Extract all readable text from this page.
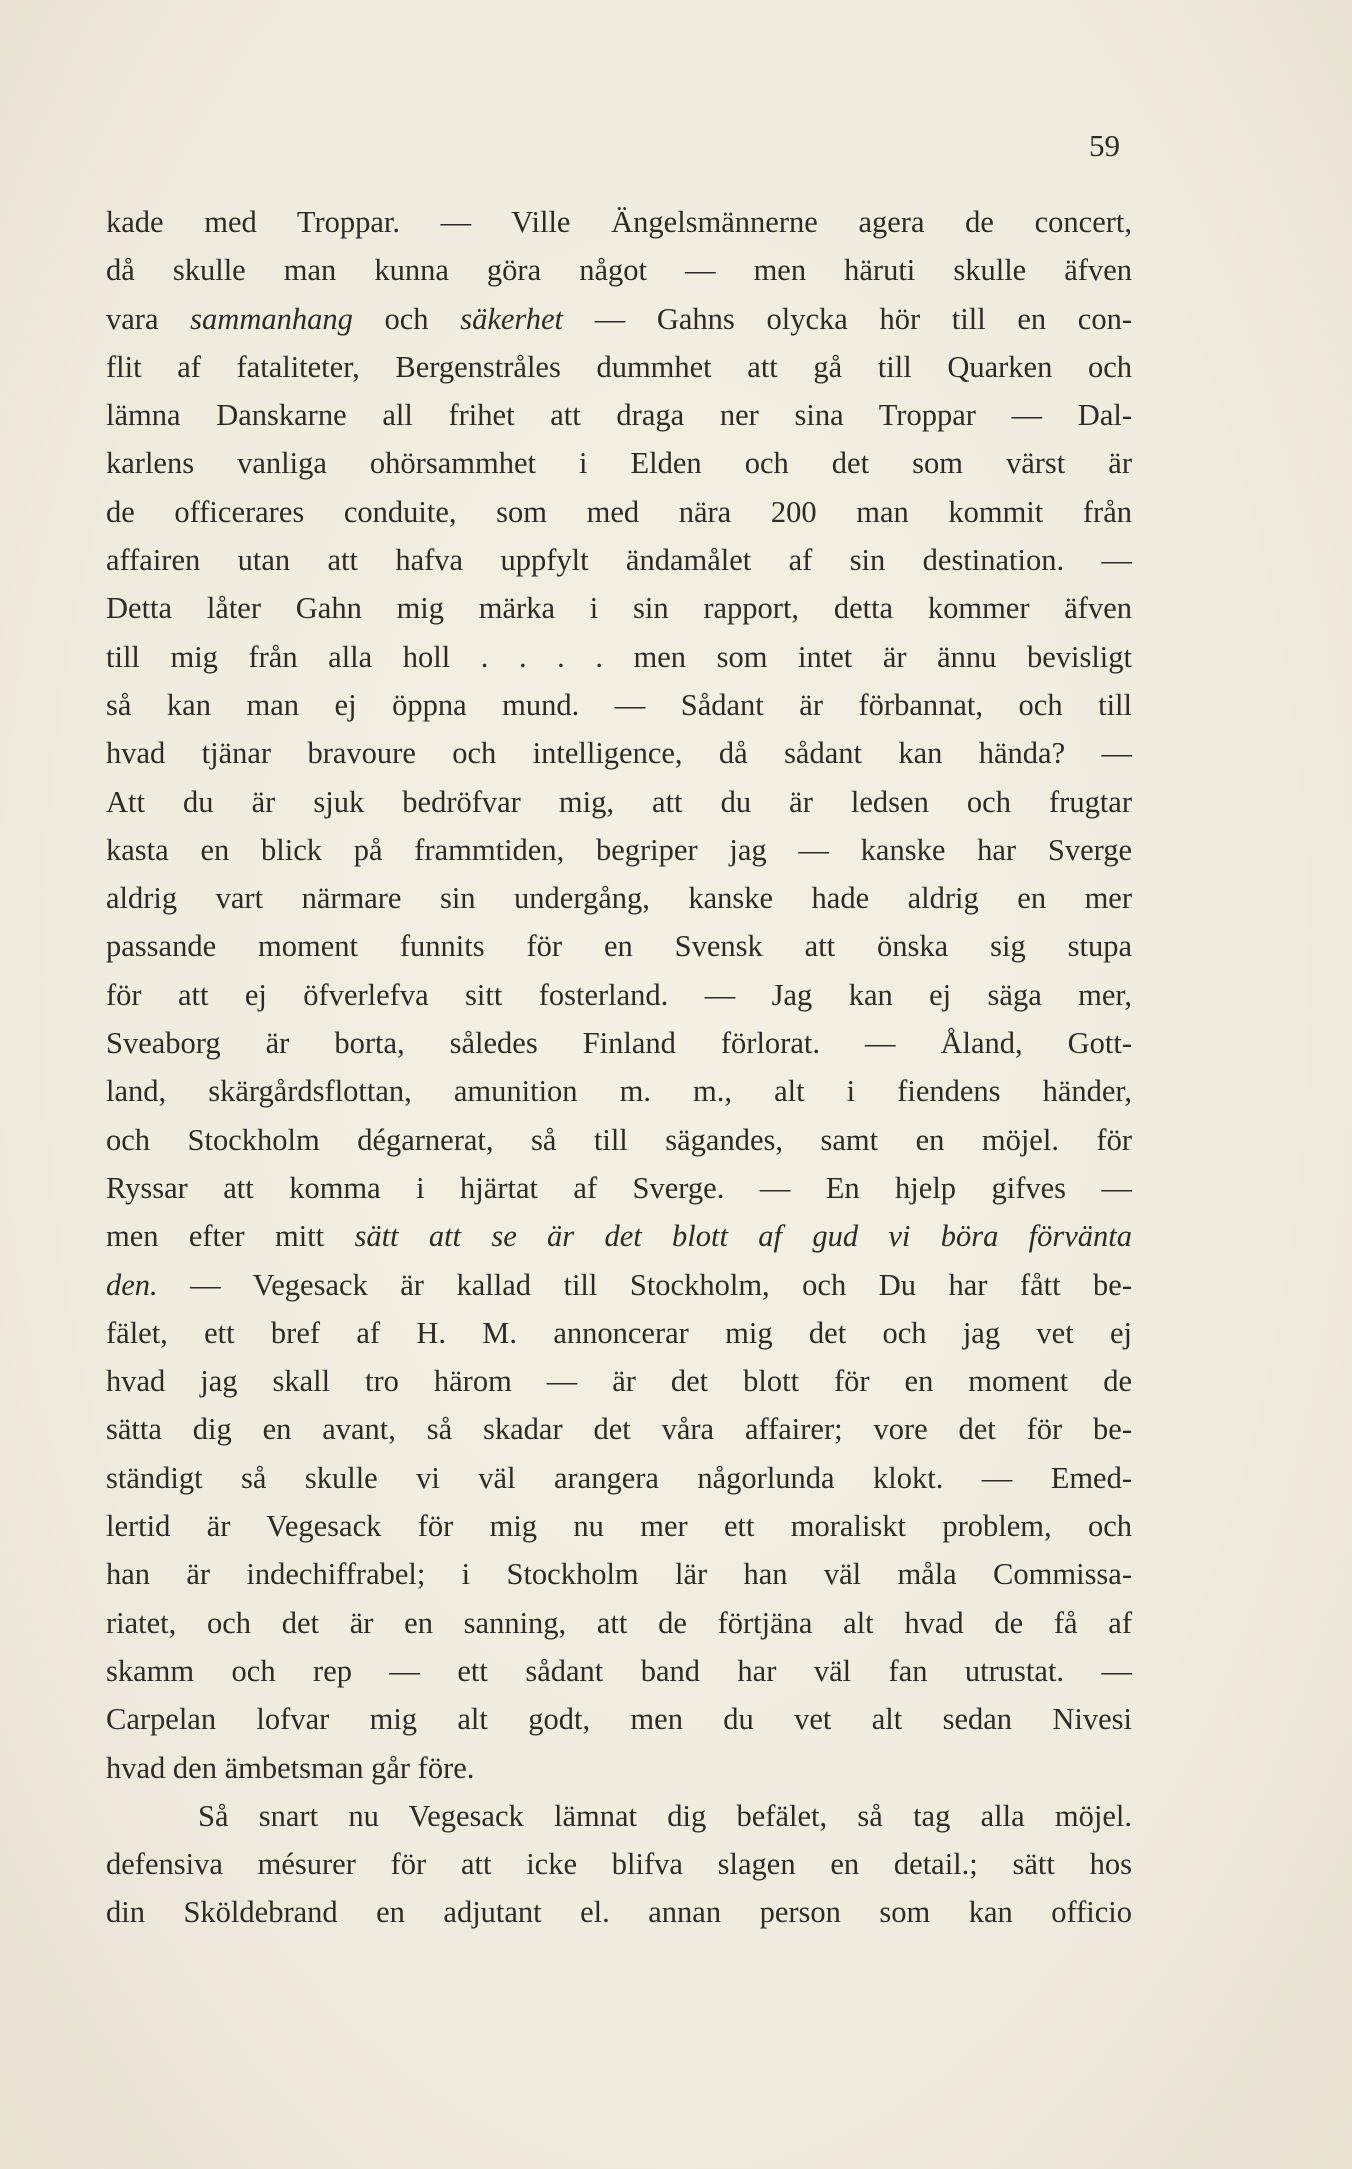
59
kade med Troppar. — Ville Ängelsmännerne agera de concert,
då skulle man kunna göra något — men häruti skulle äfven
vara sammanhang och säkerhet — Gahns olycka hör till en con-
flit af fataliteter, Bergenstråles dummhet att gå till Quarken och
lämna Danskarne all frihet att draga ner sina Troppar — Dal-
karlens vanliga ohörsammhet i Elden och det som värst är
de officerares conduite, som med nära 200 man kommit från
affairen utan att hafva uppfylt ändamålet af sin destination. —
Detta låter Gahn mig märka i sin rapport, detta kommer äfven
till mig från alla holl . . . . men som intet är ännu bevisligt
så kan man ej öppna mund. — Sådant är förbannat, och till
hvad tjänar bravoure och intelligence, då sådant kan hända? —
Att du är sjuk bedröfvar mig, att du är ledsen och frugtar
kasta en blick på frammtiden, begriper jag — kanske har Sverge
aldrig vart närmare sin undergång, kanske hade aldrig en mer
passande moment funnits för en Svensk att önska sig stupa
för att ej öfverlefva sitt fosterland. — Jag kan ej säga mer,
Sveaborg är borta, således Finland förlorat. — Åland, Gott-
land, skärgårdsflottan, amunition m. m., alt i fiendens händer,
och Stockholm dégarnerat, så till sägandes, samt en möjel. för
Ryssar att komma i hjärtat af Sverge. — En hjelp gifves —
men efter mitt sätt att se är det blott af gud vi böra förvänta
den. — Vegesack är kallad till Stockholm, och Du har fått be-
fälet, ett bref af H. M. annoncerar mig det och jag vet ej
hvad jag skall tro härom — är det blott för en moment de
sätta dig en avant, så skadar det våra affairer; vore det för be-
ständigt så skulle vi väl arangera någorlunda klokt. — Emed-
lertid är Vegesack för mig nu mer ett moraliskt problem, och
han är indechiffrabel; i Stockholm lär han väl måla Commissa-
riatet, och det är en sanning, att de förtjäna alt hvad de få af
skamm och rep — ett sådant band har väl fan utrustat. —
Carpelan lofvar mig alt godt, men du vet alt sedan Nivesi
hvad den ämbetsman går före.
Så snart nu Vegesack lämnat dig befälet, så tag alla möjel.
defensiva mésurer för att icke blifva slagen en detail.; sätt hos
din Sköldebrand en adjutant el. annan person som kan officio
